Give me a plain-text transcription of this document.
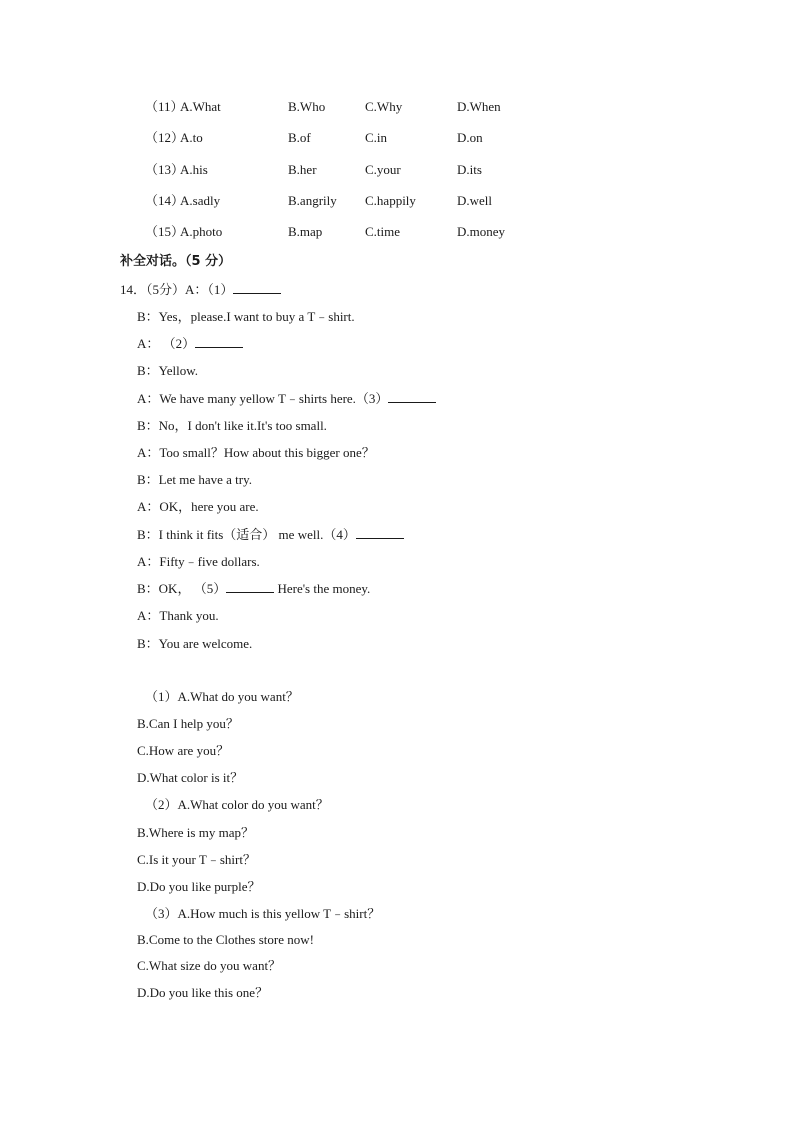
（11）
A.What	B.Who	C.Why	D.When
（12）
A.to	B.of	C.in	D.on
（13）
A.his	B.her	C.your	D.its
（14）
A.sadly	B.angrily C.happily	D.well
（15）
A.photo	B.map	C.time	D.money
补全对话。（5 分）
14．（5分）A：（1）
B：Yes，please.I want to buy a T﹣shirt.
A： （2）
B：Yellow.
A：We have many yellow T﹣shirts here.（3）
B：No，I don't like it.It's too small.
A：Too small？How about this bigger one？
B：Let me have a try.
A：OK，here you are.
B：I think it fits（适合） me well.（4）
A：Fifty﹣five dollars.
B：OK， （5）	Here's the money.
A：Thank you.
B：You are welcome.
（1）A.What do you want？
B.Can I help you？
C.How are you？
D.What color is it？
（2）A.What color do you want？
B.Where is my map？
C.Is it your T﹣shirt？
D.Do you like purple？
（3）A.How much is this yellow T﹣shirt？
B.Come to the Clothes store now!
C.What size do you want？
D.Do you like this one？
